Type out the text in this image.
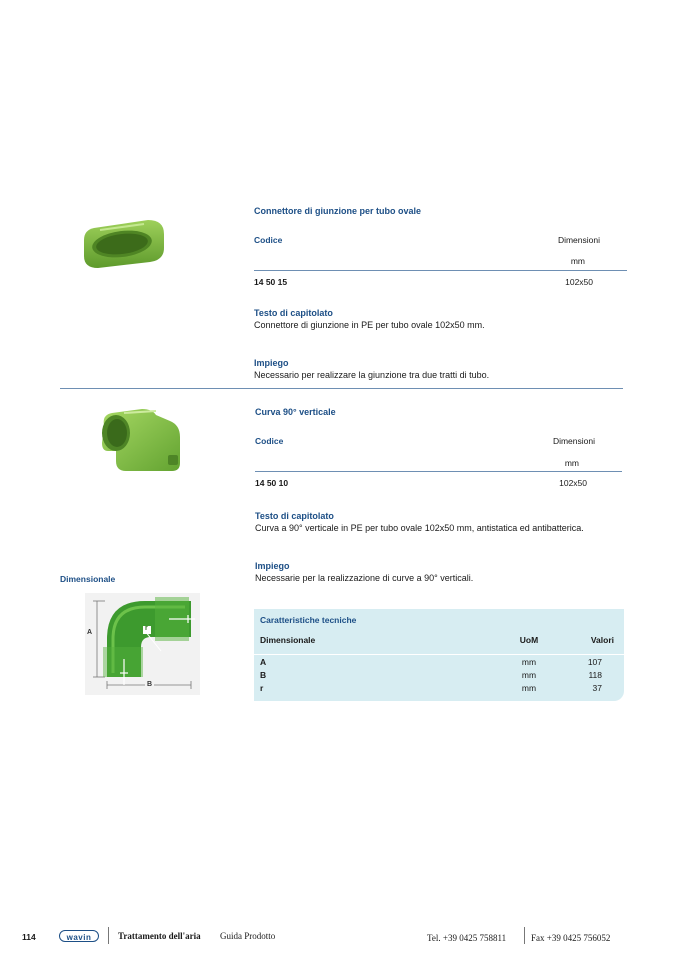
Connettore di giunzione per tubo ovale
Codice	Dimensioni
mm
14 50 15	102x50
Testo di capitolato
Connettore di giunzione in PE per tubo ovale 102x50 mm.
Impiego
Necessario per realizzare la giunzione tra due tratti di tubo.
Curva 90° verticale
Codice	Dimensioni
mm
14 50 10	102x50
Testo di capitolato
Curva a 90° verticale in PE per tubo ovale 102x50 mm, antistatica ed antibatterica.
Impiego
Necessarie per la realizzazione di curve a 90° verticali.
Dimensionale
A
B
r
Caratteristiche tecniche
Dimensionale	UoM	Valori
A	mm	107
B	mm	118
r	mm	37
114	wavin	Trattamento dell'aria Guida Prodotto	Tel. +39 0425 758811	Fax +39 0425 756052
